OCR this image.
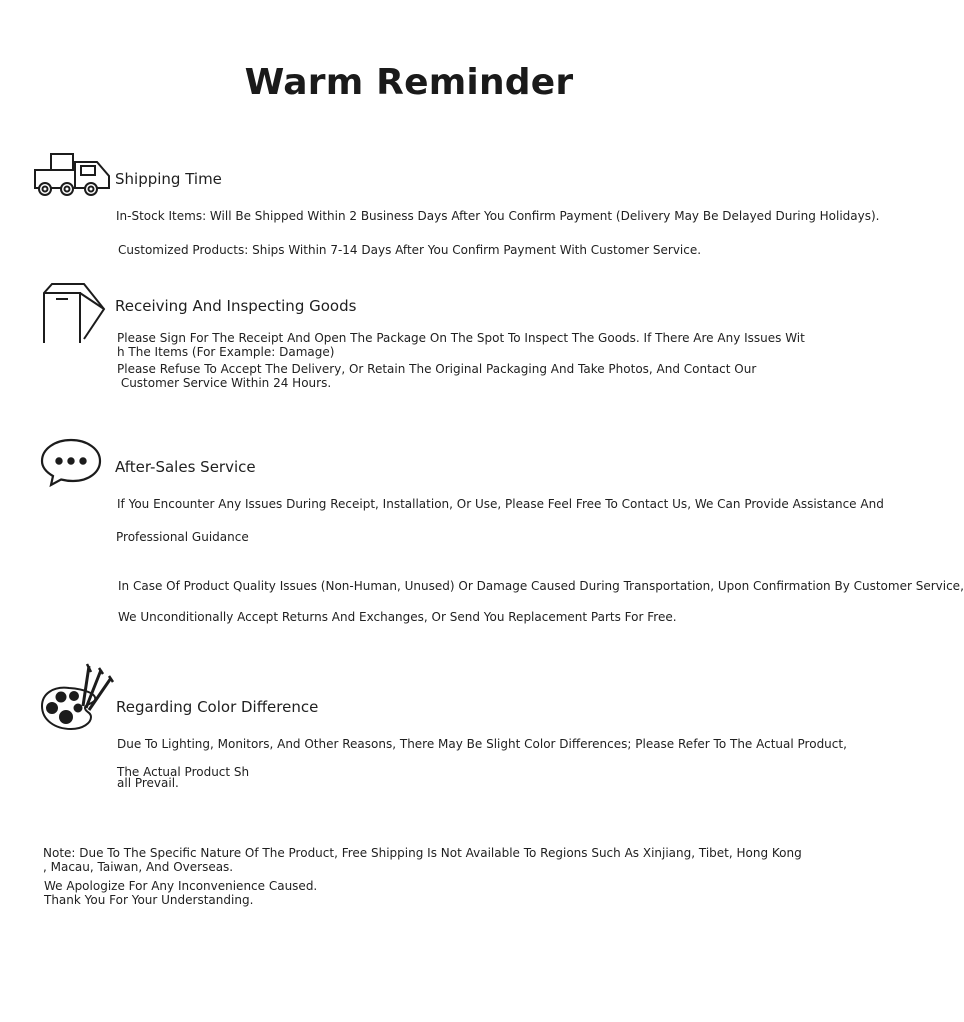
Warm Reminder
Shipping Time
In-Stock Items: Will Be Shipped Within 2 Business Days After You Confirm Payment (Delivery May Be Delayed During Holidays).
Customized Products: Ships Within 7-14 Days After You Confirm Payment With Customer Service.
Receiving And Inspecting Goods
Please Sign For The Receipt And Open The Package On The Spot To Inspect The Goods. If There Are Any Issues Wit
h The Items (For Example: Damage)
Please Refuse To Accept The Delivery, Or Retain The Original Packaging And Take Photos, And Contact Our
Customer Service Within 24 Hours.
After-Sales Service
If You Encounter Any Issues During Receipt, Installation, Or Use, Please Feel Free To Contact Us, We Can Provide Assistance And
Professional Guidance
In Case Of Product Quality Issues (Non-Human, Unused) Or Damage Caused During Transportation, Upon Confirmation By Customer Service,
We Unconditionally Accept Returns And Exchanges, Or Send You Replacement Parts For Free.
Regarding Color Difference
Due To Lighting, Monitors, And Other Reasons, There May Be Slight Color Differences; Please Refer To The Actual Product,
The Actual Product Sh
all Prevail.
Note: Due To The Specific Nature Of The Product, Free Shipping Is Not Available To Regions Such As Xinjiang, Tibet, Hong Kong
, Macau, Taiwan, And Overseas.
We Apologize For Any Inconvenience Caused.
Thank You For Your Understanding.
